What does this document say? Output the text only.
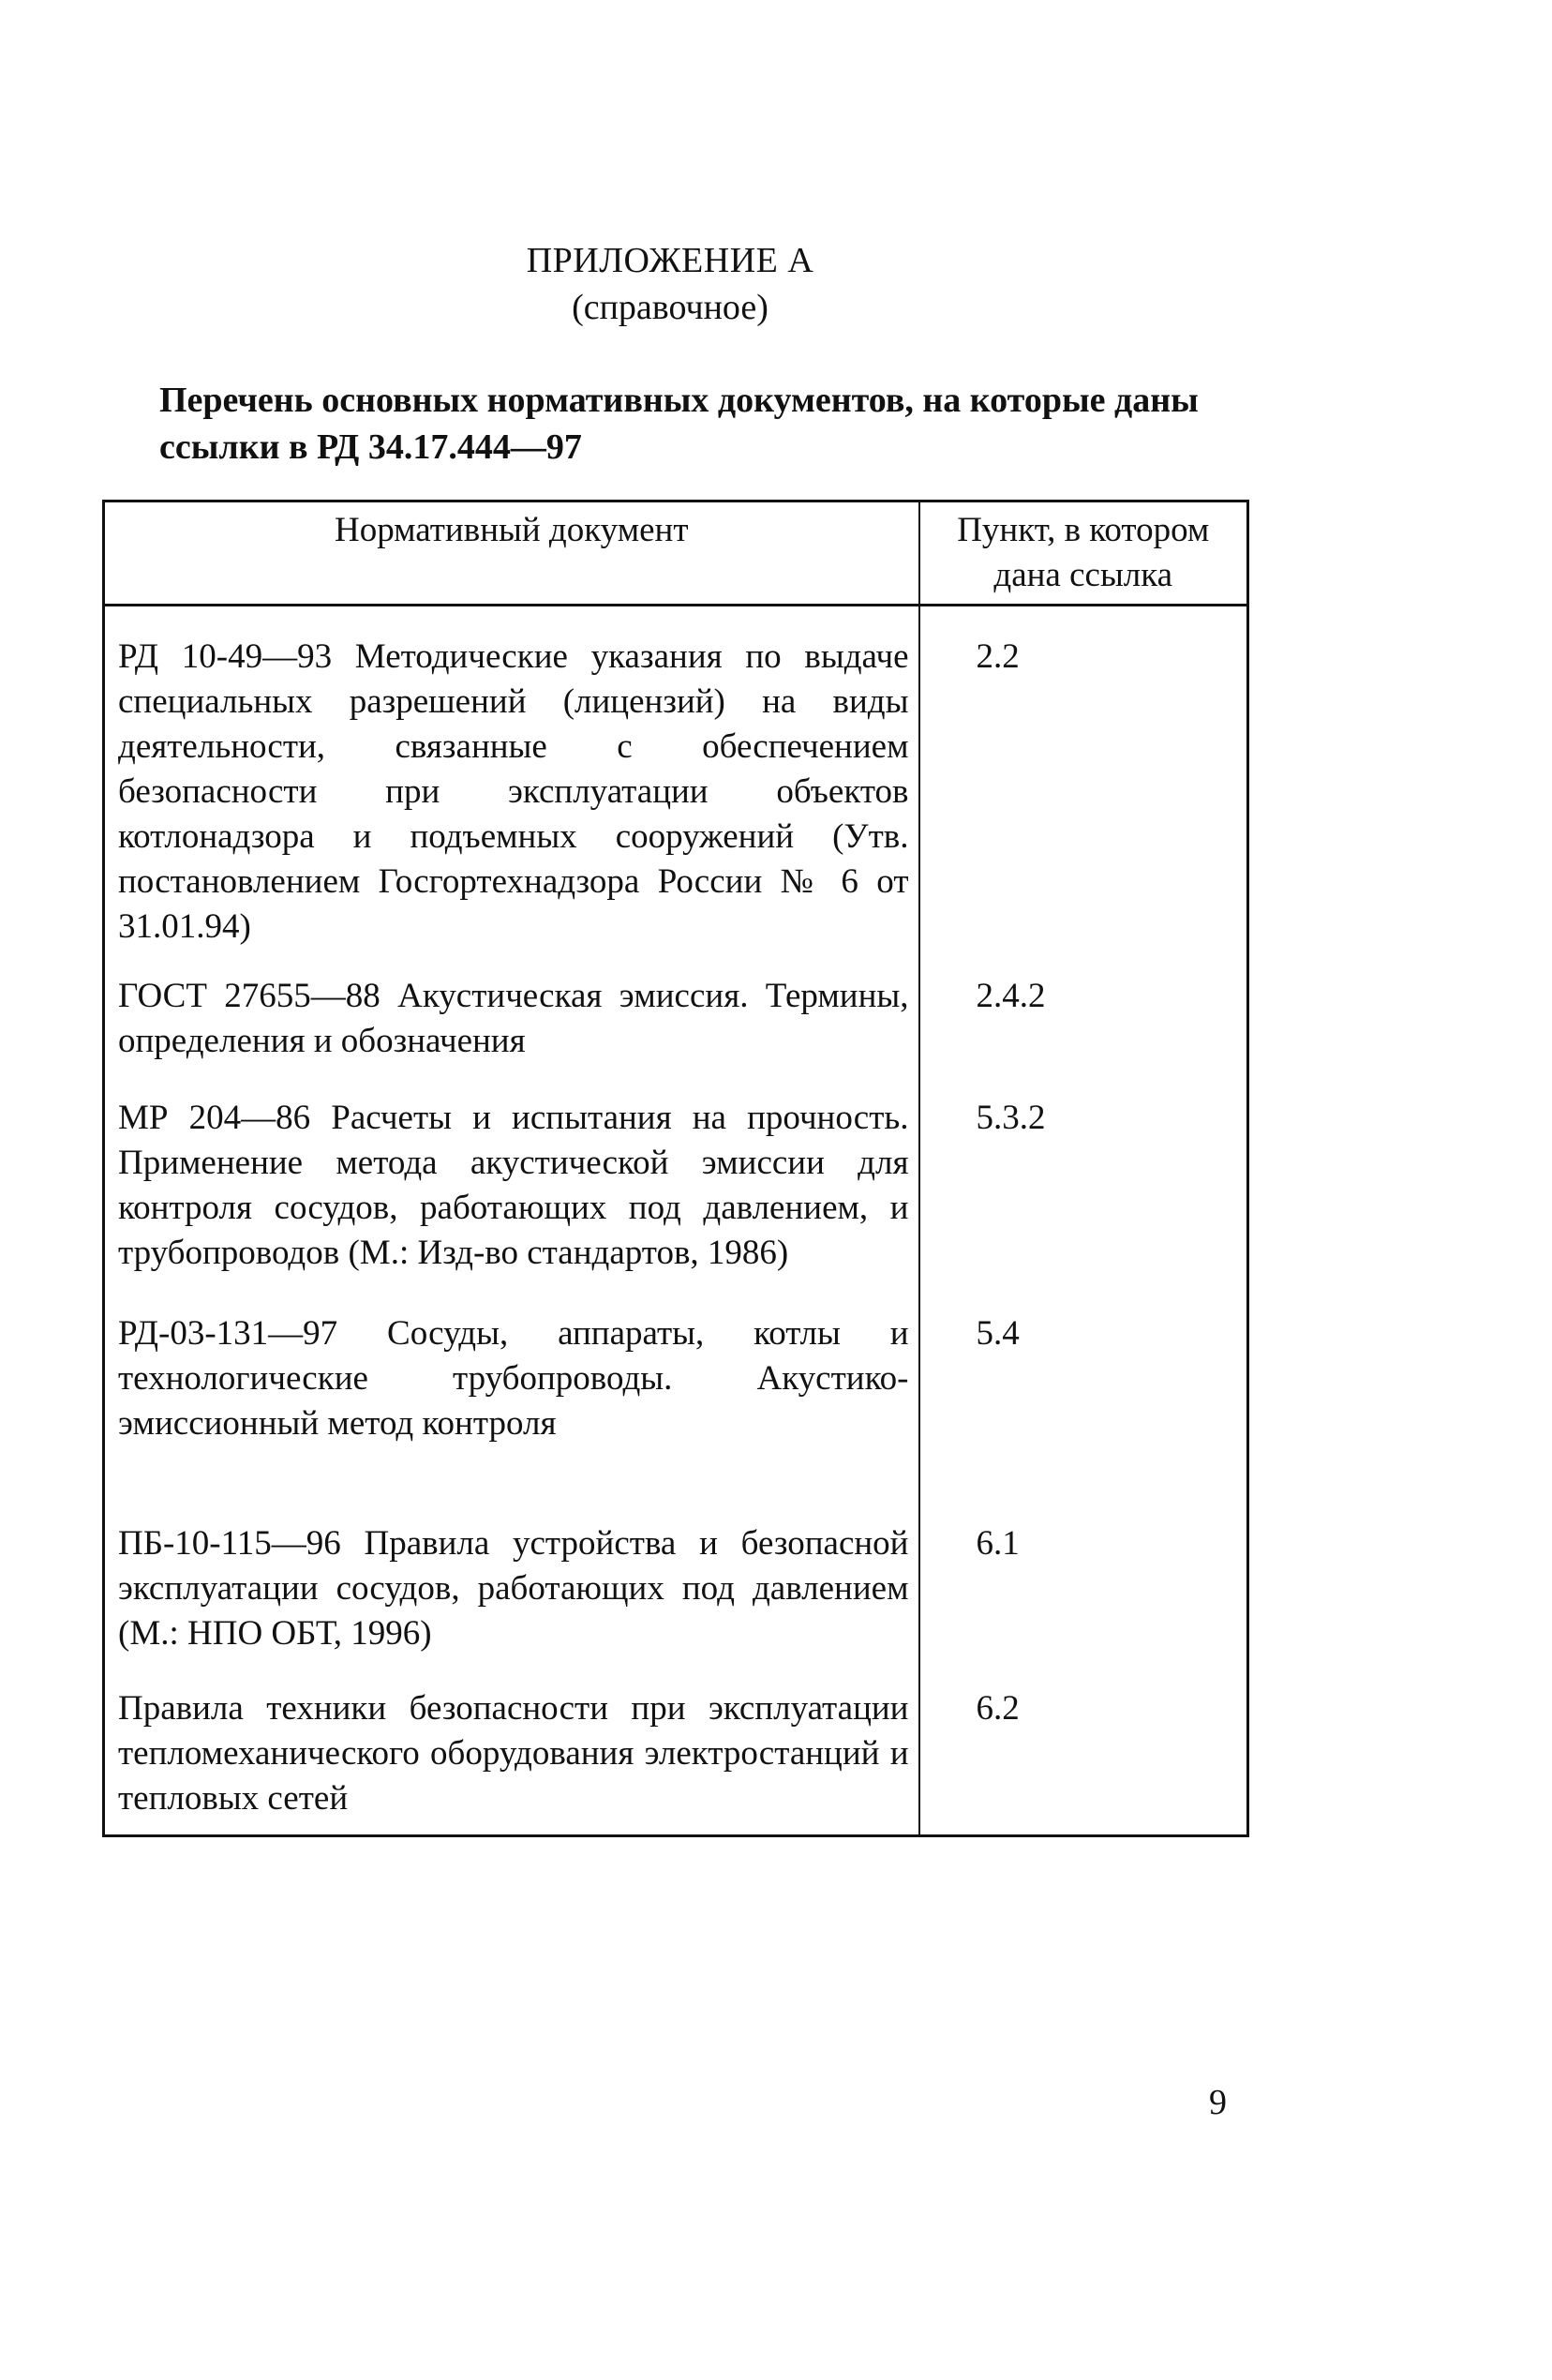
ПРИЛОЖЕНИЕ А
(справочное)
Перечень основных нормативных документов, на которые даны ссылки в РД 34.17.444—97
Нормативный документ	Пункт, в котором дана ссылка
РД 10-49—93 Методические указания по выдаче специальных разрешений (лицензий) на виды деятельности, связанные с обеспечением безопасности при эксплуатации объектов котлонадзора и подъемных сооружений (Утв. постановлением Госгортехнадзора России № 6 от 31.01.94)	2.2
ГОСТ 27655—88 Акустическая эмиссия. Термины, определения и обозначения	2.4.2
МР 204—86 Расчеты и испытания на прочность. Применение метода акустической эмиссии для контроля сосудов, работающих под давлением, и трубопроводов (М.: Изд-во стандартов, 1986)	5.3.2
РД-03-131—97 Сосуды, аппараты, котлы и технологические трубопроводы. Акустико-эмиссионный метод контроля	5.4
ПБ-10-115—96 Правила устройства и безопасной эксплуатации сосудов, работающих под давлением (М.: НПО ОБТ, 1996)	6.1
Правила техники безопасности при эксплуатации тепломеханического оборудования электростанций и тепловых сетей	6.2
9
